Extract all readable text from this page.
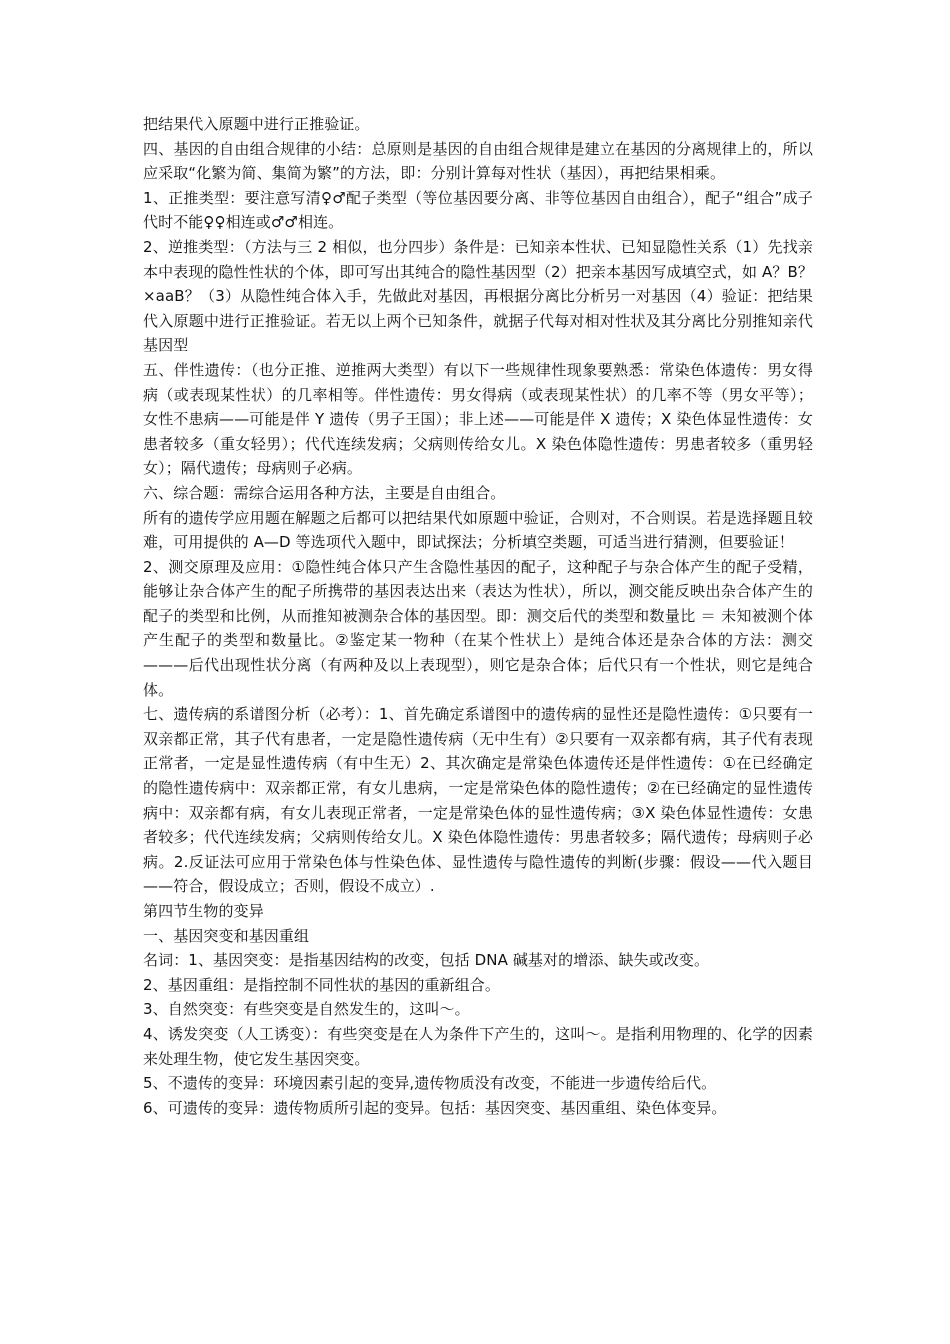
把结果代入原题中进行正推验证。

四、基因的自由组合规律的小结：总原则是基因的自由组合规律是建立在基因的分离规律上的，所以应采取“化繁为简、集简为繁”的方法，即：分别计算每对性状（基因），再把结果相乘。

1、正推类型：要注意写清♀♂配子类型（等位基因要分离、非等位基因自由组合），配子“组合”成子代时不能♀♀相连或♂♂相连。

2、逆推类型：（方法与三 2 相似，也分四步）条件是：已知亲本性状、已知显隐性关系（1）先找亲本中表现的隐性性状的个体，即可写出其纯合的隐性基因型（2）把亲本基因写成填空式，如 A？B？ ×aaB？（3）从隐性纯合体入手，先做此对基因，再根据分离比分析另一对基因（4）验证：把结果代入原题中进行正推验证。若无以上两个已知条件，就据子代每对相对性状及其分离比分别推知亲代基因型

五、伴性遗传：（也分正推、逆推两大类型）有以下一些规律性现象要熟悉：常染色体遗传：男女得病（或表现某性状）的几率相等。伴性遗传：男女得病（或表现某性状）的几率不等（男女平等）；女性不患病——可能是伴 Y 遗传（男子王国）；非上述——可能是伴 X 遗传；X 染色体显性遗传：女患者较多（重女轻男）；代代连续发病；父病则传给女儿。X 染色体隐性遗传：男患者较多（重男轻女）；隔代遗传；母病则子必病。

六、综合题：需综合运用各种方法，主要是自由组合。

所有的遗传学应用题在解题之后都可以把结果代如原题中验证，合则对，不合则误。若是选择题且较难，可用提供的 A—D 等选项代入题中，即试探法；分析填空类题，可适当进行猜测，但要验证！

2、测交原理及应用：①隐性纯合体只产生含隐性基因的配子，这种配子与杂合体产生的配子受精，能够让杂合体产生的配子所携带的基因表达出来（表达为性状），所以，测交能反映出杂合体产生的配子的类型和比例，从而推知被测杂合体的基因型。即：测交后代的类型和数量比 ＝ 未知被测个体产生配子的类型和数量比。②鉴定某一物种（在某个性状上）是纯合体还是杂合体的方法：测交———后代出现性状分离（有两种及以上表现型），则它是杂合体；后代只有一个性状，则它是纯合体。

七、遗传病的系谱图分析（必考）：1、首先确定系谱图中的遗传病的显性还是隐性遗传：①只要有一双亲都正常，其子代有患者，一定是隐性遗传病（无中生有）②只要有一双亲都有病，其子代有表现正常者，一定是显性遗传病（有中生无）2、其次确定是常染色体遗传还是伴性遗传：①在已经确定的隐性遗传病中：双亲都正常，有女儿患病，一定是常染色体的隐性遗传；②在已经确定的显性遗传病中：双亲都有病，有女儿表现正常者，一定是常染色体的显性遗传病；③X 染色体显性遗传：女患者较多；代代连续发病；父病则传给女儿。X 染色体隐性遗传：男患者较多；隔代遗传；母病则子必病。2.反证法可应用于常染色体与性染色体、显性遗传与隐性遗传的判断(步骤：假设——代入题目——符合，假设成立；否则，假设不成立）.

第四节生物的变异

一、基因突变和基因重组

名词：1、基因突变：是指基因结构的改变，包括 DNA 碱基对的增添、缺失或改变。

2、基因重组：是指控制不同性状的基因的重新组合。

3、自然突变：有些突变是自然发生的，这叫～。

4、诱发突变（人工诱变）：有些突变是在人为条件下产生的，这叫～。是指利用物理的、化学的因素来处理生物，使它发生基因突变。

5、不遗传的变异：环境因素引起的变异,遗传物质没有改变，不能进一步遗传给后代。

6、可遗传的变异：遗传物质所引起的变异。包括：基因突变、基因重组、染色体变异。
